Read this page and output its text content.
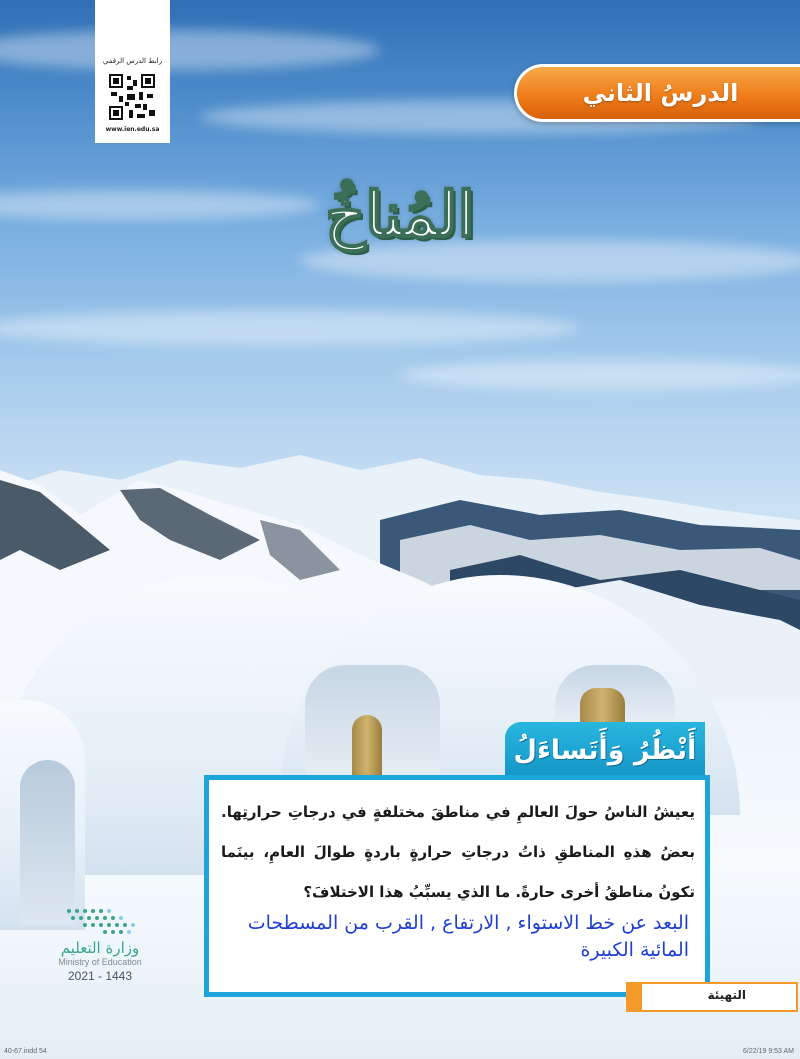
رابط الدرس الرقمي
www.ien.edu.sa
الدرسُ الثاني
المُناخُ
أَنْظُرُ وَأَتَساءَلُ

يعيشُ الناسُ حولَ العالمِ في مناطقَ مختلفةٍ في درجاتِ حرارتِها. بعضُ هذهِ المناطقِ ذاتُ درجاتِ حرارةٍ باردةٍ طوالَ العامِ، بينَما تكونُ مناطقُ أخرى حارةً. ما الذي يسبِّبُ هذا الاختلافَ؟

البعد عن خط الاستواء , الارتفاع , القرب من المسطحات المائية الكبيرة

وزارة التعليم
Ministry of Education
2021 - 1443
التهيئة
40-67.indd 54	6/22/19 9:53 AM
